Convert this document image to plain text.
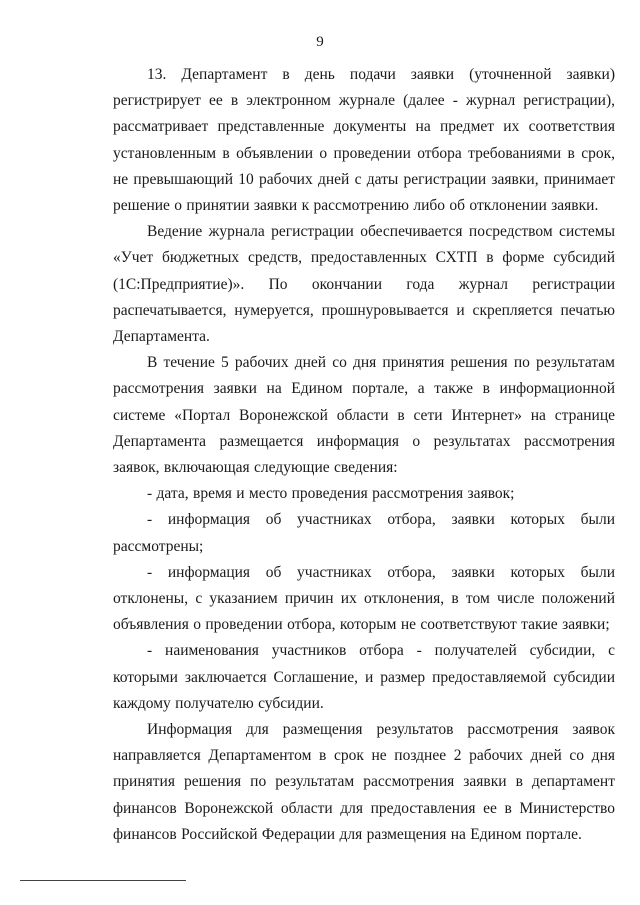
9

13. Департамент в день подачи заявки (уточненной заявки) регистрирует ее в электронном журнале (далее - журнал регистрации), рассматривает представленные документы на предмет их соответствия установленным в объявлении о проведении отбора требованиями в срок, не превышающий 10 рабочих дней с даты регистрации заявки, принимает решение о принятии заявки к рассмотрению либо об отклонении заявки.

Ведение журнала регистрации обеспечивается посредством системы «Учет бюджетных средств, предоставленных СХТП в форме субсидий (1С:Предприятие)». По окончании года журнал регистрации распечатывается, нумеруется, прошнуровывается и скрепляется печатью Департамента.

В течение 5 рабочих дней со дня принятия решения по результатам рассмотрения заявки на Едином портале, а также в информационной системе «Портал Воронежской области в сети Интернет» на странице Департамента размещается информация о результатах рассмотрения заявок, включающая следующие сведения:

- дата, время и место проведения рассмотрения заявок;

- информация об участниках отбора, заявки которых были рассмотрены;

- информация об участниках отбора, заявки которых были отклонены, с указанием причин их отклонения, в том числе положений объявления о проведении отбора, которым не соответствуют такие заявки;

- наименования участников отбора - получателей субсидии, с которыми заключается Соглашение, и размер предоставляемой субсидии каждому получателю субсидии.

Информация для размещения результатов рассмотрения заявок направляется Департаментом в срок не позднее 2 рабочих дней со дня принятия решения по результатам рассмотрения заявки в департамент финансов Воронежской области для предоставления ее в Министерство финансов Российской Федерации для размещения на Едином портале.
